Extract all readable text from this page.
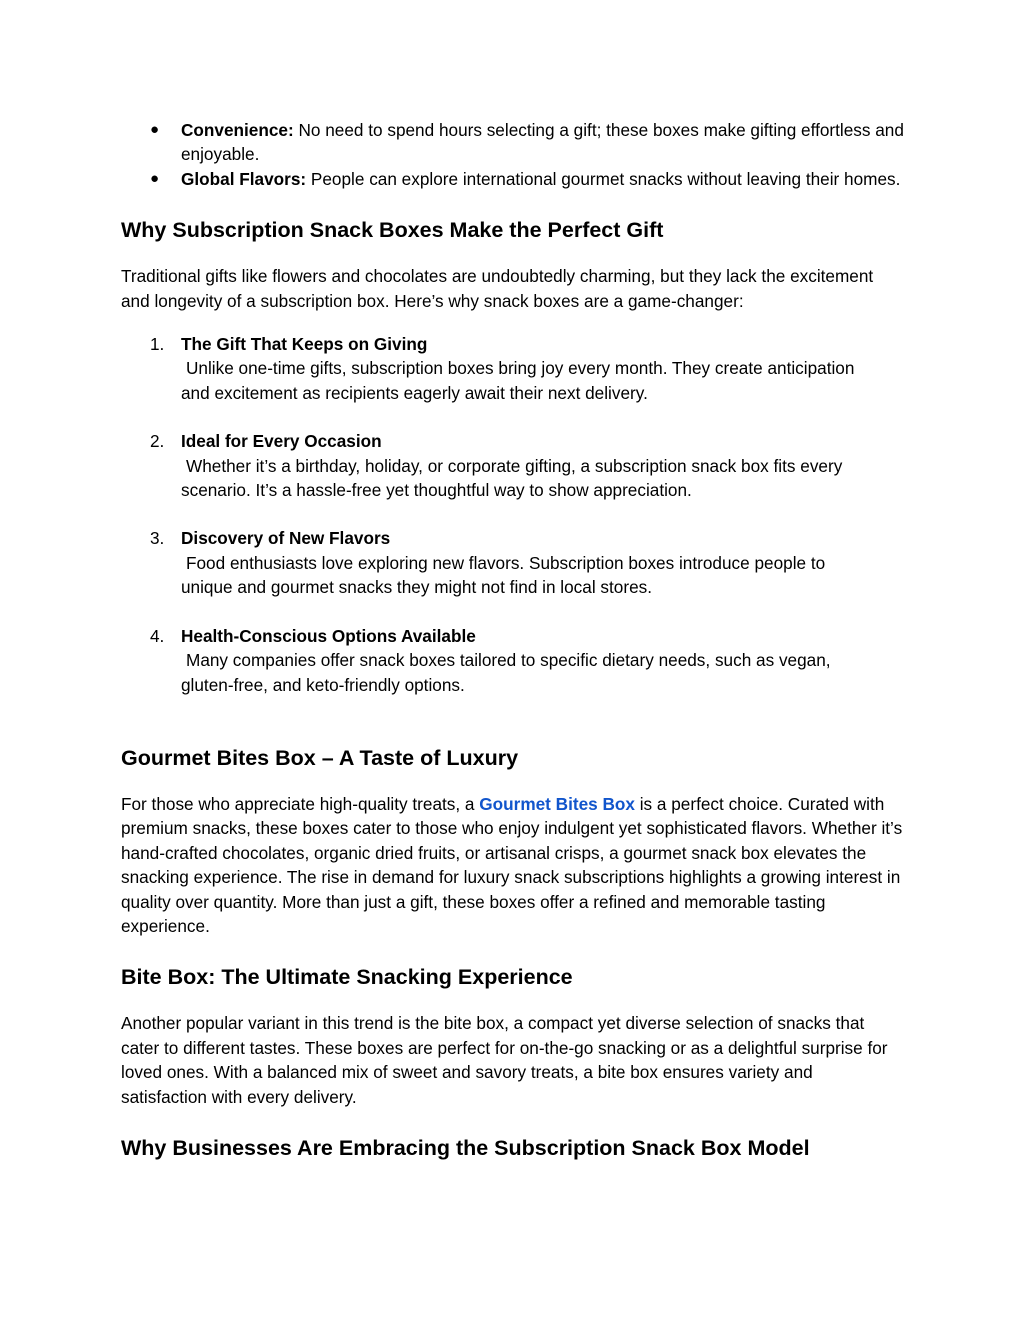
● Convenience: No need to spend hours selecting a gift; these boxes make gifting effortless and enjoyable.
● Global Flavors: People can explore international gourmet snacks without leaving their homes.
Why Subscription Snack Boxes Make the Perfect Gift

Traditional gifts like flowers and chocolates are undoubtedly charming, but they lack the excitement and longevity of a subscription box. Here’s why snack boxes are a game-changer:

1. The Gift That Keeps on Giving
Unlike one-time gifts, subscription boxes bring joy every month. They create anticipation
and excitement as recipients eagerly await their next delivery.
2. Ideal for Every Occasion
Whether it’s a birthday, holiday, or corporate gifting, a subscription snack box fits every
scenario. It’s a hassle-free yet thoughtful way to show appreciation.
3. Discovery of New Flavors
Food enthusiasts love exploring new flavors. Subscription boxes introduce people to
unique and gourmet snacks they might not find in local stores.
4. Health-Conscious Options Available
Many companies offer snack boxes tailored to specific dietary needs, such as vegan,
gluten-free, and keto-friendly options.
Gourmet Bites Box – A Taste of Luxury

For those who appreciate high-quality treats, a Gourmet Bites Box is a perfect choice. Curated with premium snacks, these boxes cater to those who enjoy indulgent yet sophisticated flavors. Whether it’s hand-crafted chocolates, organic dried fruits, or artisanal crisps, a gourmet snack box elevates the snacking experience. The rise in demand for luxury snack subscriptions highlights a growing interest in quality over quantity. More than just a gift, these boxes offer a refined and memorable tasting experience.

Bite Box: The Ultimate Snacking Experience

Another popular variant in this trend is the bite box, a compact yet diverse selection of snacks that cater to different tastes. These boxes are perfect for on-the-go snacking or as a delightful surprise for loved ones. With a balanced mix of sweet and savory treats, a bite box ensures variety and satisfaction with every delivery.

Why Businesses Are Embracing the Subscription Snack Box Model
